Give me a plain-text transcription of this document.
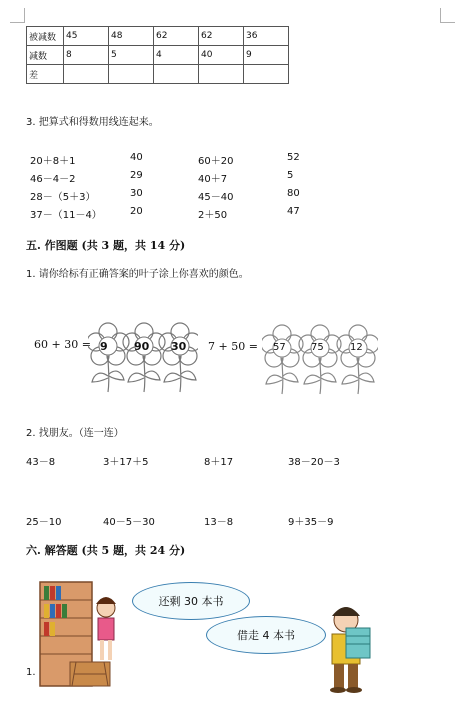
被减数	45	48	62	62	36
减数	8	5	4	40	9
差					
3. 把算式和得数用线连起来。
20＋8＋1	40	60＋20	52
46－4－2	29	40＋7	5
28－（5＋3）	30	45－40	80
37－（11－4）	20	2＋50	47
五. 作图题 (共 3 题，共 14 分)
1. 请你给标有正确答案的叶子涂上你喜欢的颜色。
60 + 30 =	7 + 50 =
9 90 30	57	75	12
2. 找朋友。（连一连）
43－8	3＋17＋5	8＋17	38－20－3
25－10	40－5－30	13－8	9＋35－9
六. 解答题 (共 5 题，共 24 分)
还剩 30 本书
借走 4 本书
1.
